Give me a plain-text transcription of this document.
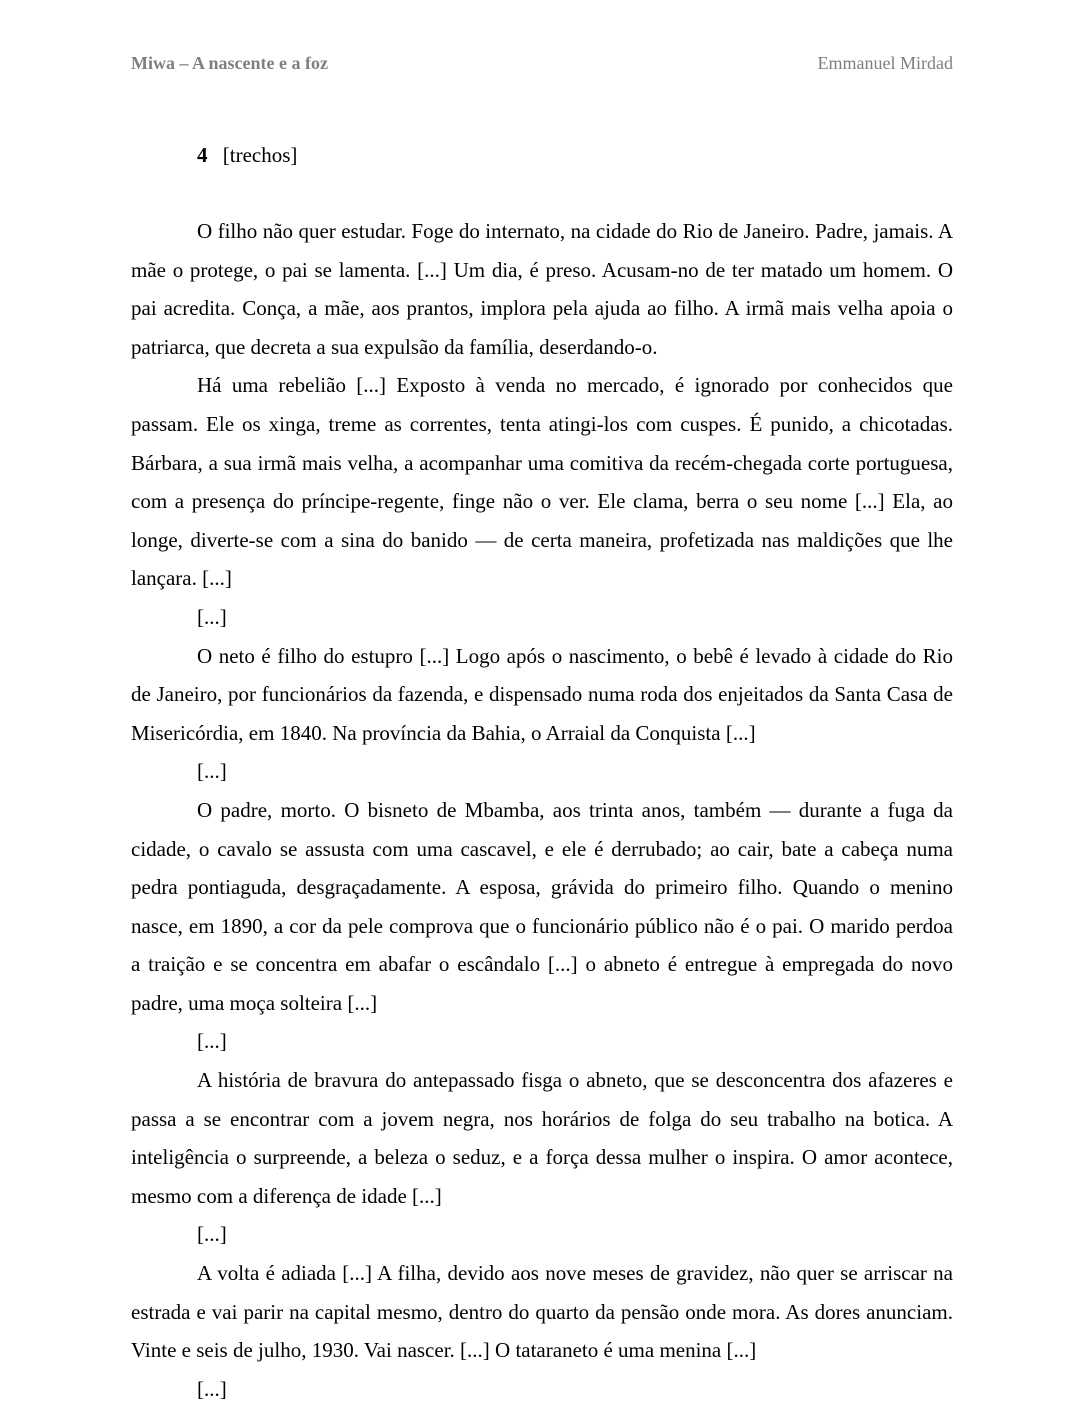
Miwa – A nascente e a foz	Emmanuel Mirdad
4 [trechos]

O filho não quer estudar. Foge do internato, na cidade do Rio de Janeiro. Padre, jamais. A mãe o protege, o pai se lamenta. [...] Um dia, é preso. Acusam-no de ter matado um homem. O pai acredita. Conça, a mãe, aos prantos, implora pela ajuda ao filho. A irmã mais velha apoia o patriarca, que decreta a sua expulsão da família, deserdando-o.

Há uma rebelião [...] Exposto à venda no mercado, é ignorado por conhecidos que passam. Ele os xinga, treme as correntes, tenta atingi-los com cuspes. É punido, a chicotadas. Bárbara, a sua irmã mais velha, a acompanhar uma comitiva da recém-chegada corte portuguesa, com a presença do príncipe-regente, finge não o ver. Ele clama, berra o seu nome [...] Ela, ao longe, diverte-se com a sina do banido — de certa maneira, profetizada nas maldições que lhe lançara. [...]

[...]

O neto é filho do estupro [...] Logo após o nascimento, o bebê é levado à cidade do Rio de Janeiro, por funcionários da fazenda, e dispensado numa roda dos enjeitados da Santa Casa de Misericórdia, em 1840. Na província da Bahia, o Arraial da Conquista [...]

[...]

O padre, morto. O bisneto de Mbamba, aos trinta anos, também — durante a fuga da cidade, o cavalo se assusta com uma cascavel, e ele é derrubado; ao cair, bate a cabeça numa pedra pontiaguda, desgraçadamente. A esposa, grávida do primeiro filho. Quando o menino nasce, em 1890, a cor da pele comprova que o funcionário público não é o pai. O marido perdoa a traição e se concentra em abafar o escândalo [...] o abneto é entregue à empregada do novo padre, uma moça solteira [...]

[...]

A história de bravura do antepassado fisga o abneto, que se desconcentra dos afazeres e passa a se encontrar com a jovem negra, nos horários de folga do seu trabalho na botica. A inteligência o surpreende, a beleza o seduz, e a força dessa mulher o inspira. O amor acontece, mesmo com a diferença de idade [...]

[...]

A volta é adiada [...] A filha, devido aos nove meses de gravidez, não quer se arriscar na estrada e vai parir na capital mesmo, dentro do quarto da pensão onde mora. As dores anunciam. Vinte e seis de julho, 1930. Vai nascer. [...] O tataraneto é uma menina [...]

[...]
